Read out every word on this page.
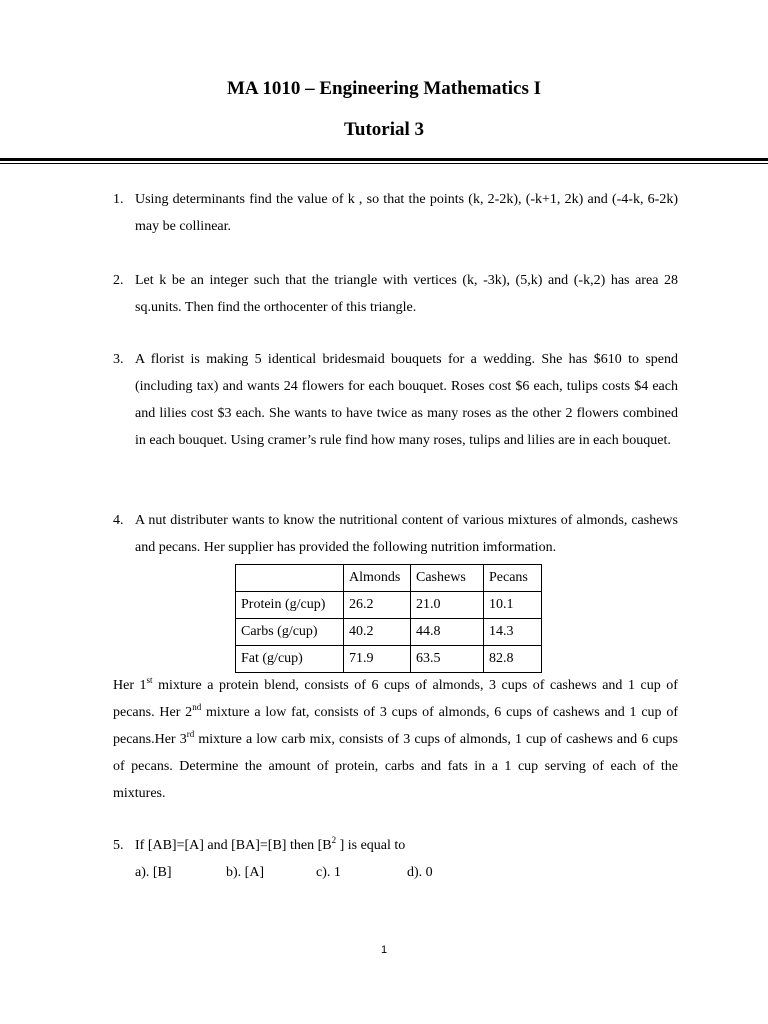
MA 1010 – Engineering Mathematics I
Tutorial 3
1. Using determinants find the value of k , so that the points (k, 2-2k), (-k+1, 2k) and (-4-k, 6-2k) may be collinear.
2. Let k be an integer such that the triangle with vertices (k, -3k), (5,k) and (-k,2) has area 28 sq.units. Then find the orthocenter of this triangle.
3. A florist is making 5 identical bridesmaid bouquets for a wedding. She has $610 to spend (including tax) and wants 24 flowers for each bouquet. Roses cost $6 each, tulips costs $4 each and lilies cost $3 each. She wants to have twice as many roses as the other 2 flowers combined in each bouquet. Using cramer’s rule find how many roses, tulips and lilies are in each bouquet.
4. A nut distributer wants to know the nutritional content of various mixtures of almonds, cashews and pecans. Her supplier has provided the following nutrition imformation.
	Almonds	Cashews	Pecans
Protein (g/cup)	26.2	21.0	10.1
Carbs (g/cup)	40.2	44.8	14.3
Fat (g/cup)	71.9	63.5	82.8
Her 1st mixture a protein blend, consists of 6 cups of almonds, 3 cups of cashews and 1 cup of pecans. Her 2nd mixture a low fat, consists of 3 cups of almonds, 6 cups of cashews and 1 cup of pecans.Her 3rd mixture a low carb mix, consists of 3 cups of almonds, 1 cup of cashews and 6 cups of pecans. Determine the amount of protein, carbs and fats in a 1 cup serving of each of the mixtures.
5. If [AB]=[A] and [BA]=[B] then [$B^2$ ] is equal to
a). [B]	b). [A]	c). 1	d). 0
1
